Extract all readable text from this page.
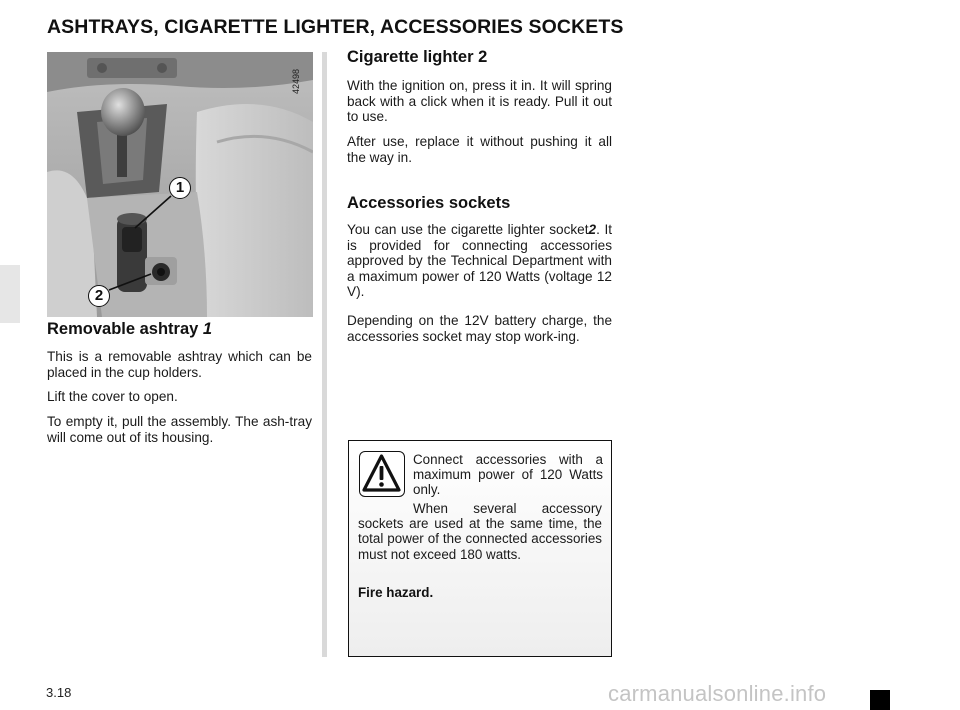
ASHTRAYS, CIGARETTE LIGHTER, ACCESSORIES SOCKETS
42498
1
2
Removable ashtray 1

This is a removable ashtray which can be placed in the cup holders.

Lift the cover to open.

To empty it, pull the assembly. The ash-tray will come out of its housing.

Cigarette lighter 2

With the ignition on, press it in. It will spring back with a click when it is ready. Pull it out to use.

After use, replace it without pushing it all the way in.

Accessories sockets

You can use the cigarette lighter socket2. It is provided for connecting accessories approved by the Technical Department with a maximum power of 120 Watts (voltage 12 V).

Depending on the 12V battery charge, the accessories socket may stop work-ing.

Connect accessories with a maximum power of 120 Watts only.

When several accessory sockets are used at the same time, the total power of the connected accessories must not exceed 180 watts.

Fire hazard.

3.18	carmanualsonline.info
